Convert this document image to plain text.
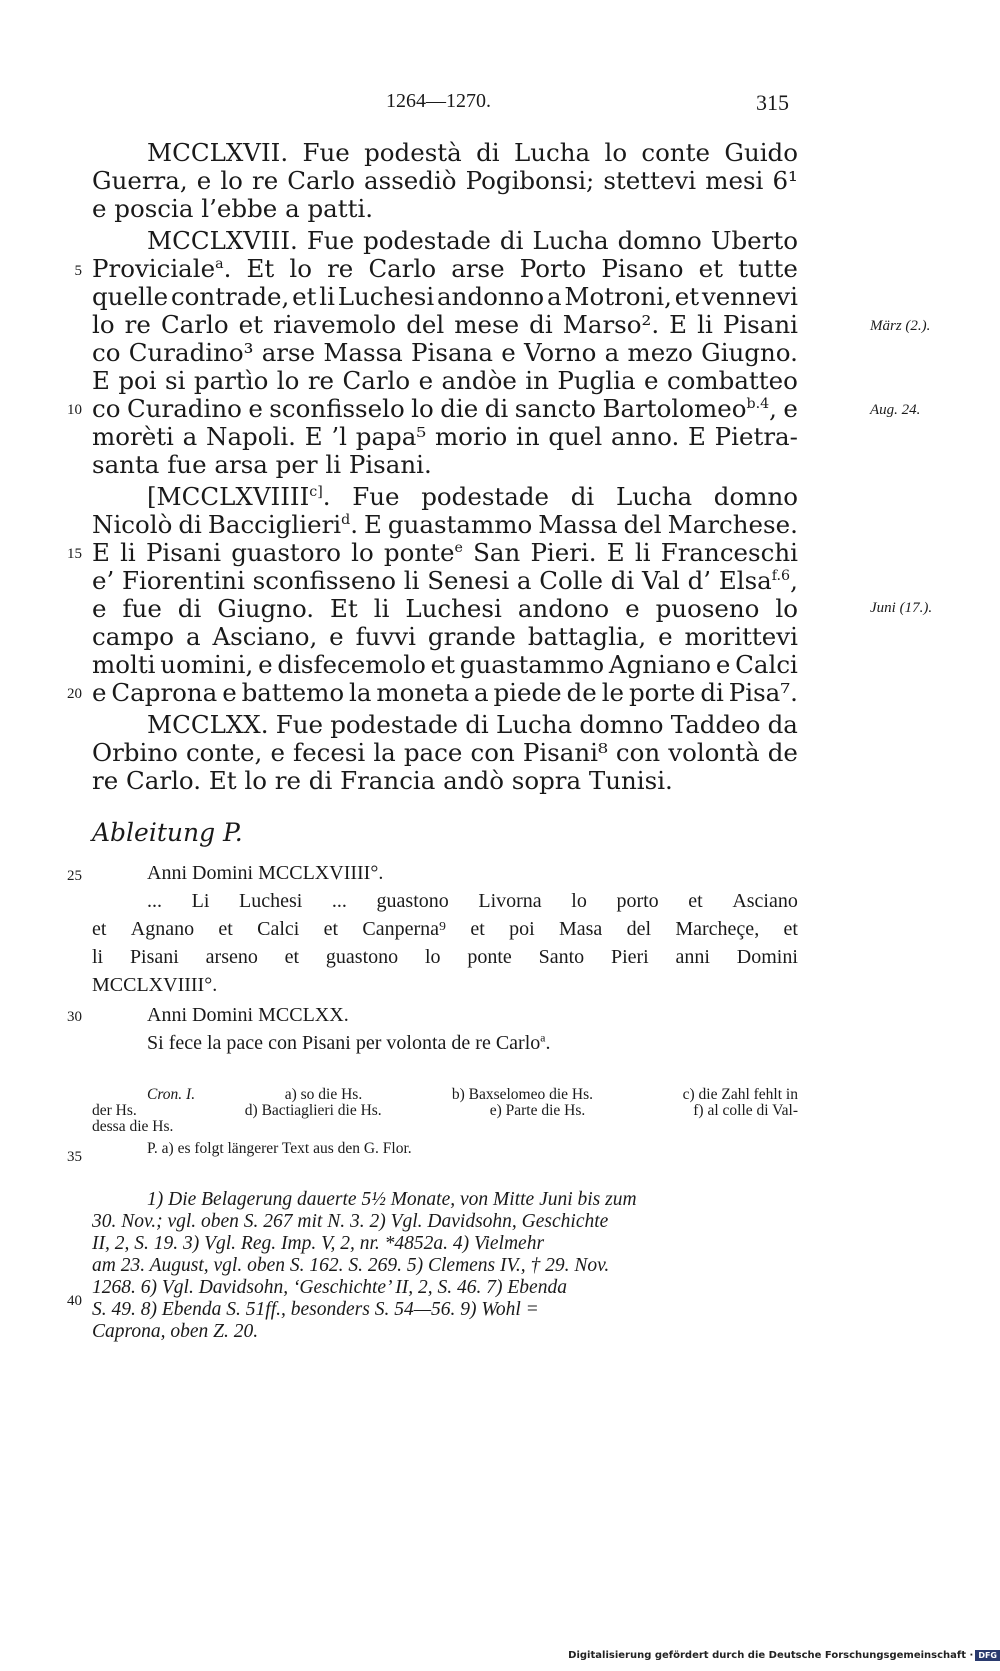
1264—1270.	315
MCCLXVII. Fue podestà di Lucha lo conte Guido
Guerra, e lo re Carlo assediò Pogibonsi; stettevi mesi 6¹
e poscia l’ebbe a patti.
MCCLXVIII. Fue podestade di Lucha domno Uberto
Proviciale$^a$. Et lo re Carlo arse Porto Pisano et tutte
quelle contrade, et li Luchesi andonno a Motroni, et vennevi
lo re Carlo et riavemolo del mese di Marso². E li Pisani
co Curadino³ arse Massa Pisana e Vorno a mezo Giugno.
E poi si partìo lo re Carlo e andòe in Puglia e combatteo
co Curadino e sconfisselo lo die di sancto Bartolomeo$^{b.4}$, e
morèti a Napoli. E ’l papa⁵ morio in quel anno. E Pietra-
santa fue arsa per li Pisani.
[$MCCLXVIIII^{c]}$. Fue podestade di Lucha domno
Nicolò di Bacciglieri$^d$. E guastammo Massa del Marchese.
E li Pisani guastoro lo ponte$^e$ San Pieri. E li Franceschi
e’ Fiorentini sconfisseno li Senesi a Colle di Val d’ Elsa$^{f.6}$,
e fue di Giugno. Et li Luchesi andono e puoseno lo
campo a Asciano, e fuvvi grande battaglia, e morittevi
molti uomini, e disfecemolo et guastammo Agniano e Calci
e Caprona e battemo la moneta a piede de le porte di Pisa⁷.
MCCLXX. Fue podestade di Lucha domno Taddeo da
Orbino conte, e fecesi la pace con Pisani⁸ con volontà de
re Carlo. Et lo re di Francia andò sopra Tunisi.
5
10
15
20
25
30
35
40
März (2.).
Aug. 24.
Juni (17.).
Ableitung P.
Anni Domini MCCLXVIIII°.
... Li Luchesi ... guastono Livorna lo porto et Asciano
et Agnano et Calci et Canperna⁹ et poi Masa del Marcheçe, et
li Pisani arseno et guastono lo ponte Santo Pieri anni Domini
MCCLXVIIII°.
Anni Domini MCCLXX.
Si fece la pace con Pisani per volonta de re Carlo$^a$.
Cron. I.	a) so die Hs.	b) Baxselomeo die Hs.	c) die Zahl fehlt in
der Hs.	d) Bactiaglieri die Hs.	e) Parte die Hs.	f) al colle di Val-
dessa die Hs.
P. a) es folgt längerer Text aus den G. Flor.
1) Die Belagerung dauerte 5½ Monate, von Mitte Juni bis zum
30. Nov.; vgl. oben S. 267 mit N. 3. 2) Vgl. Davidsohn, Geschichte
II, 2, S. 19. 3) Vgl. Reg. Imp. V, 2, nr. *4852a. 4) Vielmehr
am 23. August, vgl. oben S. 162. S. 269. 5) Clemens IV., † 29. Nov.
1268. 6) Vgl. Davidsohn, ‘Geschichte’ II, 2, S. 46. 7) Ebenda
S. 49. 8) Ebenda S. 51ff., besonders S. 54—56. 9) Wohl =
Caprona, oben Z. 20.
Digitalisierung gefördert durch die Deutsche Forschungsgemeinschaft · DFG
